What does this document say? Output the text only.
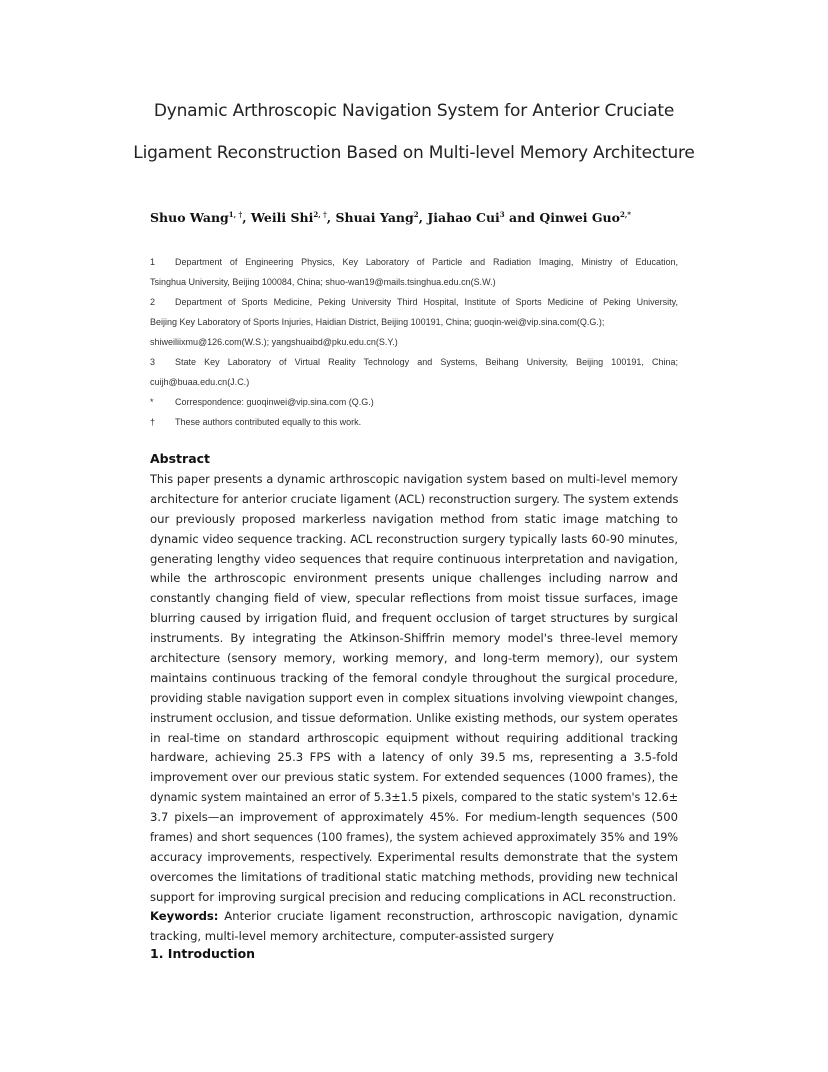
Dynamic Arthroscopic Navigation System for Anterior Cruciate
Ligament Reconstruction Based on Multi-level Memory Architecture
Shuo Wang$^{1, \dagger}$, Weili Shi$^{2, \dagger}$, Shuai Yang$^2$, Jiahao Cui$^3$ and Qinwei Guo$^{2,*}$
1	Department of Engineering Physics, Key Laboratory of Particle and Radiation Imaging, Ministry of Education,
Tsinghua University, Beijing 100084, China; shuo-wan19@mails.tsinghua.edu.cn(S.W.)
2	Department of Sports Medicine, Peking University Third Hospital, Institute of Sports Medicine of Peking University,
Beijing Key Laboratory of Sports Injuries, Haidian District, Beijing 100191, China; guoqin-wei@vip.sina.com(Q.G.);
shiweiliixmu@126.com(W.S.); yangshuaibd@pku.edu.cn(S.Y.)
3	State Key Laboratory of Virtual Reality Technology and Systems, Beihang University, Beijing 100191, China;
cuijh@buaa.edu.cn(J.C.)
*	Correspondence: guoqinwei@vip.sina.com (Q.G.)
†	These authors contributed equally to this work.
Abstract
This paper presents a dynamic arthroscopic navigation system based on multi-level memory
architecture for anterior cruciate ligament (ACL) reconstruction surgery. The system extends
our previously proposed markerless navigation method from static image matching to
dynamic video sequence tracking. ACL reconstruction surgery typically lasts 60-90 minutes,
generating lengthy video sequences that require continuous interpretation and navigation,
while the arthroscopic environment presents unique challenges including narrow and
constantly changing field of view, specular reflections from moist tissue surfaces, image
blurring caused by irrigation fluid, and frequent occlusion of target structures by surgical
instruments. By integrating the Atkinson-Shiffrin memory model's three-level memory
architecture (sensory memory, working memory, and long-term memory), our system
maintains continuous tracking of the femoral condyle throughout the surgical procedure,
providing stable navigation support even in complex situations involving viewpoint changes,
instrument occlusion, and tissue deformation. Unlike existing methods, our system operates
in real-time on standard arthroscopic equipment without requiring additional tracking
hardware, achieving 25.3 FPS with a latency of only 39.5 ms, representing a 3.5-fold
improvement over our previous static system. For extended sequences (1000 frames), the
dynamic system maintained an error of 5.3±1.5 pixels, compared to the static system's 12.6±
3.7 pixels—an improvement of approximately 45%. For medium-length sequences (500
frames) and short sequences (100 frames), the system achieved approximately 35% and 19%
accuracy improvements, respectively. Experimental results demonstrate that the system
overcomes the limitations of traditional static matching methods, providing new technical
support for improving surgical precision and reducing complications in ACL reconstruction.
Keywords: Anterior cruciate ligament reconstruction, arthroscopic navigation, dynamic
tracking, multi-level memory architecture, computer-assisted surgery
1. Introduction
